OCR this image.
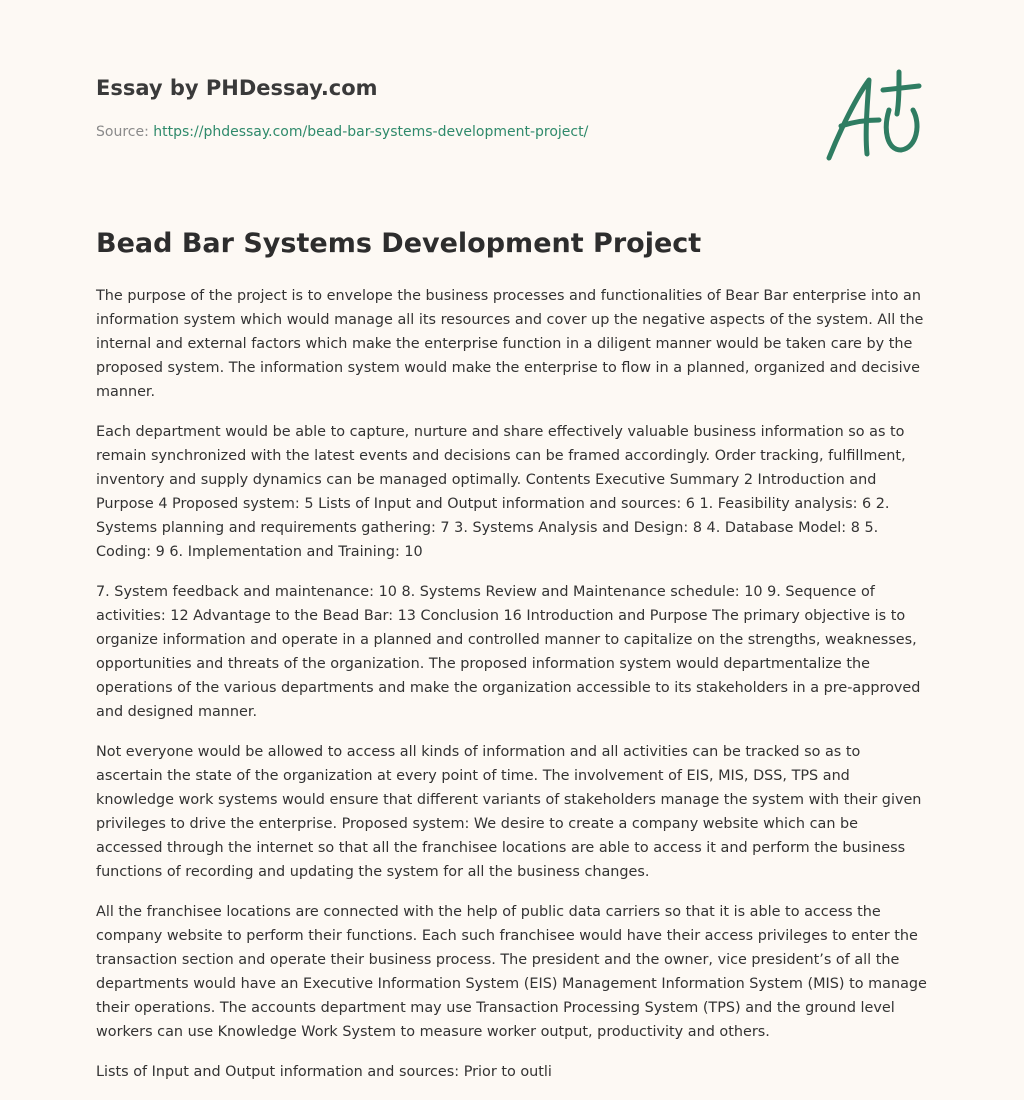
Essay by PHDessay.com
Source: https://phdessay.com/bead-bar-systems-development-project/
Bead Bar Systems Development Project

The purpose of the project is to envelope the business processes and functionalities of Bear Bar enterprise into an information system which would manage all its resources and cover up the negative aspects of the system. All the internal and external factors which make the enterprise function in a diligent manner would be taken care by the proposed system. The information system would make the enterprise to flow in a planned, organized and decisive manner.

Each department would be able to capture, nurture and share effectively valuable business information so as to remain synchronized with the latest events and decisions can be framed accordingly. Order tracking, fulfillment, inventory and supply dynamics can be managed optimally. Contents Executive Summary 2 Introduction and Purpose 4 Proposed system: 5 Lists of Input and Output information and sources: 6 1. Feasibility analysis: 6 2. Systems planning and requirements gathering: 7 3. Systems Analysis and Design: 8 4. Database Model: 8 5. Coding: 9 6. Implementation and Training: 10

7. System feedback and maintenance: 10 8. Systems Review and Maintenance schedule: 10 9. Sequence of activities: 12 Advantage to the Bead Bar: 13 Conclusion 16 Introduction and Purpose The primary objective is to organize information and operate in a planned and controlled manner to capitalize on the strengths, weaknesses, opportunities and threats of the organization. The proposed information system would departmentalize the operations of the various departments and make the organization accessible to its stakeholders in a pre-approved and designed manner.

Not everyone would be allowed to access all kinds of information and all activities can be tracked so as to ascertain the state of the organization at every point of time. The involvement of EIS, MIS, DSS, TPS and knowledge work systems would ensure that different variants of stakeholders manage the system with their given privileges to drive the enterprise. Proposed system: We desire to create a company website which can be accessed through the internet so that all the franchisee locations are able to access it and perform the business functions of recording and updating the system for all the business changes.

All the franchisee locations are connected with the help of public data carriers so that it is able to access the company website to perform their functions. Each such franchisee would have their access privileges to enter the transaction section and operate their business process. The president and the owner, vice president’s of all the departments would have an Executive Information System (EIS) Management Information System (MIS) to manage their operations. The accounts department may use Transaction Processing System (TPS) and the ground level workers can use Knowledge Work System to measure worker output, productivity and others.

Lists of Input and Output information and sources: Prior to outli
